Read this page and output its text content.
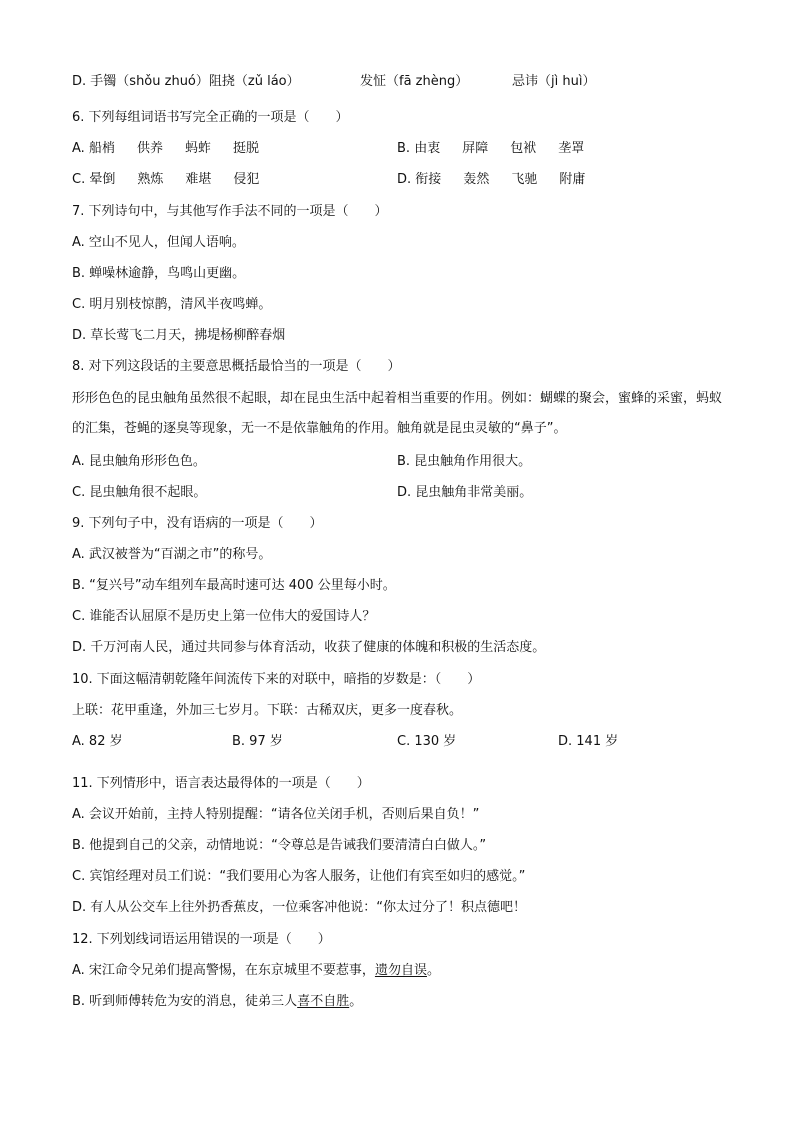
D. 手镯（shǒu zhuó）阻挠（zǔ láo）	发怔（fā zhèng）	忌讳（jì huì）
6. 下列每组词语书写完全正确的一项是（　　）
A. 船梢 供养 蚂蚱 挺脱	B. 由衷 屏障 包袱 垄罩
C. 晕倒 熟炼 难堪 侵犯	D. 衔接 轰然 飞驰 附庸
7. 下列诗句中，与其他写作手法不同的一项是（　　）
A. 空山不见人，但闻人语响。
B. 蝉噪林逾静，鸟鸣山更幽。
C. 明月别枝惊鹊，清风半夜鸣蝉。
D. 草长莺飞二月天，拂堤杨柳醉春烟
8. 对下列这段话的主要意思概括最恰当的一项是（　　）
形形色色的昆虫触角虽然很不起眼，却在昆虫生活中起着相当重要的作用。例如：蝴蝶的聚会，蜜蜂的采蜜，蚂蚁的汇集，苍蝇的逐臭等现象，无一不是依靠触角的作用。触角就是昆虫灵敏的“鼻子”。
A. 昆虫触角形形色色。	B. 昆虫触角作用很大。
C. 昆虫触角很不起眼。	D. 昆虫触角非常美丽。
9. 下列句子中，没有语病的一项是（　　）
A. 武汉被誉为“百湖之市”的称号。
B. “复兴号”动车组列车最高时速可达 400 公里每小时。
C. 谁能否认屈原不是历史上第一位伟大的爱国诗人？
D. 千万河南人民，通过共同参与体育活动，收获了健康的体魄和积极的生活态度。
10. 下面这幅清朝乾隆年间流传下来的对联中，暗指的岁数是：（　　）
上联：花甲重逢，外加三七岁月。下联：古稀双庆，更多一度春秋。
A. 82 岁	B. 97 岁	C. 130 岁	D. 141 岁
11. 下列情形中，语言表达最得体的一项是（　　）
A. 会议开始前，主持人特别提醒：“请各位关闭手机，否则后果自负！”
B. 他提到自己的父亲，动情地说：“令尊总是告诫我们要清清白白做人。”
C. 宾馆经理对员工们说：“我们要用心为客人服务，让他们有宾至如归的感觉。”
D. 有人从公交车上往外扔香蕉皮，一位乘客冲他说：“你太过分了！积点德吧！
12. 下列划线词语运用错误的一项是（　　）
A. 宋江命令兄弟们提高警惕，在东京城里不要惹事，遗勿自误。
B. 听到师傅转危为安的消息，徒弟三人喜不自胜。
